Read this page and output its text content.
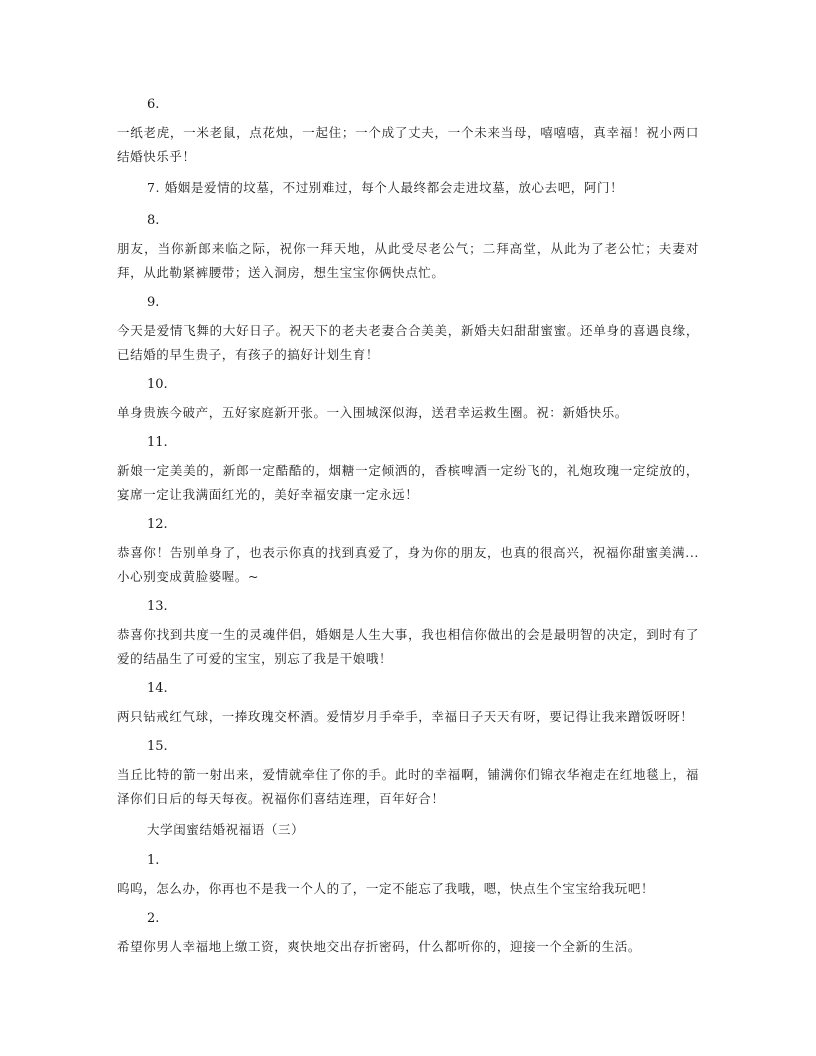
6.

一纸老虎，一米老鼠，点花烛，一起住；一个成了丈夫，一个未来当母，嘻嘻嘻，真幸福！祝小两口结婚快乐乎！

7. 婚姻是爱情的坟墓，不过别难过，每个人最终都会走进坟墓，放心去吧，阿门！

8.

朋友，当你新郎来临之际，祝你一拜天地，从此受尽老公气；二拜高堂，从此为了老公忙；夫妻对拜，从此勒紧裤腰带；送入洞房，想生宝宝你俩快点忙。

9.

今天是爱情飞舞的大好日子。祝天下的老夫老妻合合美美，新婚夫妇甜甜蜜蜜。还单身的喜遇良缘，已结婚的早生贵子，有孩子的搞好计划生育！

10.

单身贵族今破产，五好家庭新开张。一入围城深似海，送君幸运救生圈。祝：新婚快乐。

11.

新娘一定美美的，新郎一定酷酷的，烟糖一定倾洒的，香槟啤酒一定纷飞的，礼炮玫瑰一定绽放的，宴席一定让我满面红光的，美好幸福安康一定永远！

12.

恭喜你！告别单身了，也表示你真的找到真爱了，身为你的朋友，也真的很高兴，祝福你甜蜜美满...小心别变成黄脸婆喔。~

13.

恭喜你找到共度一生的灵魂伴侣，婚姻是人生大事，我也相信你做出的会是最明智的决定，到时有了爱的结晶生了可爱的宝宝，别忘了我是干娘哦！

14.

两只钻戒红气球，一捧玫瑰交杯酒。爱情岁月手牵手，幸福日子天天有呀，要记得让我来蹭饭呀呀！

15.

当丘比特的箭一射出来，爱情就牵住了你的手。此时的幸福啊，铺满你们锦衣华袍走在红地毯上，福泽你们日后的每天每夜。祝福你们喜结连理，百年好合！

大学闺蜜结婚祝福语（三）

1.

呜呜，怎么办，你再也不是我一个人的了，一定不能忘了我哦，嗯，快点生个宝宝给我玩吧！

2.

希望你男人幸福地上缴工资，爽快地交出存折密码，什么都听你的，迎接一个全新的生活。
